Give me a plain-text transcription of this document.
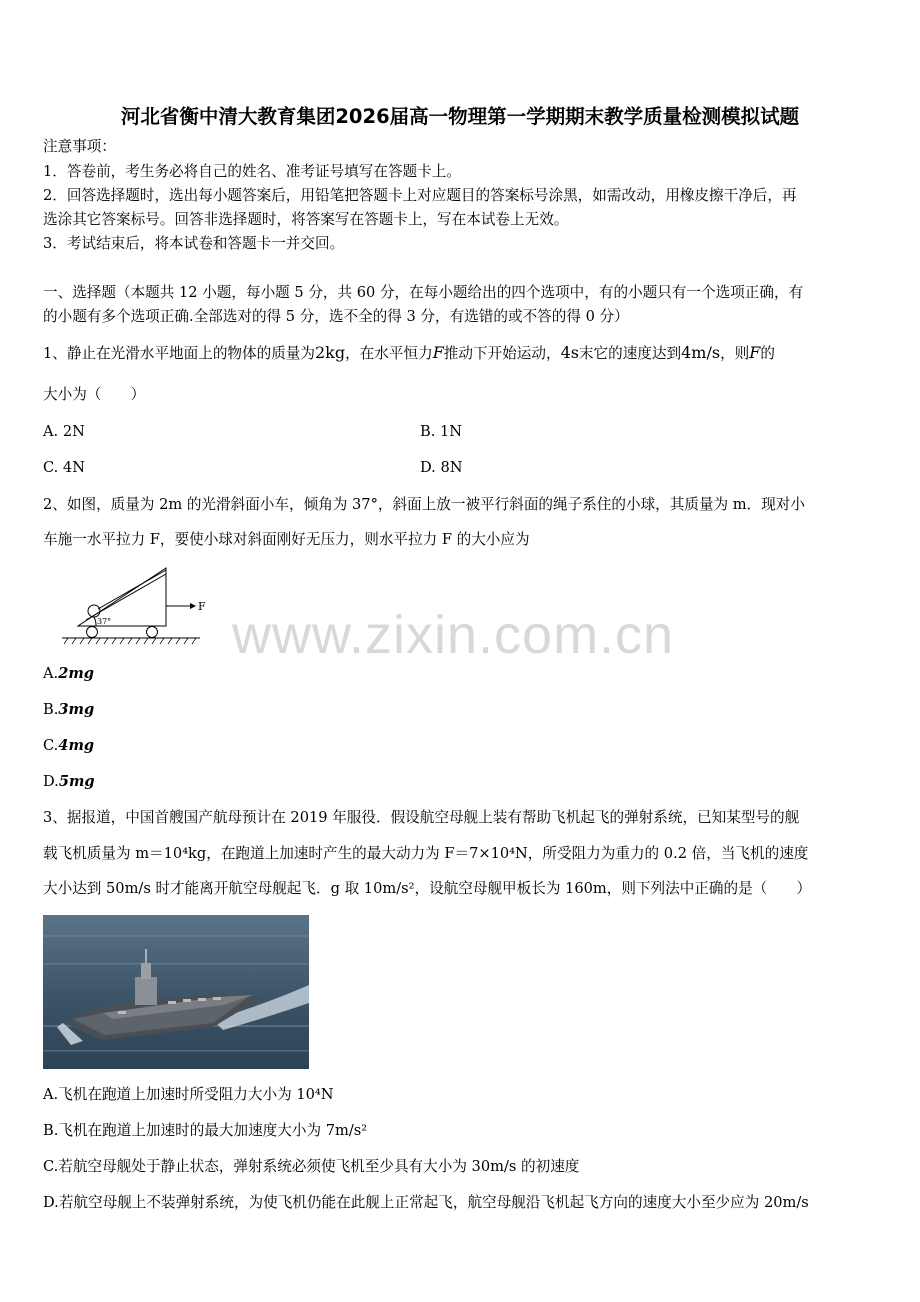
河北省衡中清大教育集团2026届高一物理第一学期期末教学质量检测模拟试题
注意事项：
1．答卷前，考生务必将自己的姓名、准考证号填写在答题卡上。
2．回答选择题时，选出每小题答案后，用铅笔把答题卡上对应题目的答案标号涂黑，如需改动，用橡皮擦干净后，再
选涂其它答案标号。回答非选择题时，将答案写在答题卡上，写在本试卷上无效。
3．考试结束后，将本试卷和答题卡一并交回。
一、选择题（本题共 12 小题，每小题 5 分，共 60 分，在每小题给出的四个选项中，有的小题只有一个选项正确，有
的小题有多个选项正确.全部选对的得 5 分，选不全的得 3 分，有选错的或不答的得 0 分）
1、静止在光滑水平地面上的物体的质量为2kg，在水平恒力F推动下开始运动，4s末它的速度达到4m/s，则F的
大小为（　　）
A. 2N	B. 1N
C. 4N	D. 8N
2、如图，质量为 2m 的光滑斜面小车，倾角为 37°，斜面上放一被平行斜面的绳子系住的小球，其质量为 m．现对小
车施一水平拉力 F，要使小球对斜面刚好无压力，则水平拉力 F 的大小应为
37°
F www.zixin.com.cn
A.2mg
B.3mg
C.4mg
D.5mg
3、据报道，中国首艘国产航母预计在 2019 年服役．假设航空母舰上装有帮助飞机起飞的弹射系统，已知某型号的舰
载飞机质量为 m＝10⁴kg，在跑道上加速时产生的最大动力为 F＝7×10⁴N，所受阻力为重力的 0.2 倍，当飞机的速度
大小达到 50m/s 时才能离开航空母舰起飞．g 取 10m/s²，设航空母舰甲板长为 160m，则下列法中正确的是（　　）
A.飞机在跑道上加速时所受阻力大小为 10⁴N
B.飞机在跑道上加速时的最大加速度大小为 7m/s²
C.若航空母舰处于静止状态，弹射系统必须使飞机至少具有大小为 30m/s 的初速度
D.若航空母舰上不装弹射系统，为使飞机仍能在此舰上正常起飞，航空母舰沿飞机起飞方向的速度大小至少应为 20m/s
